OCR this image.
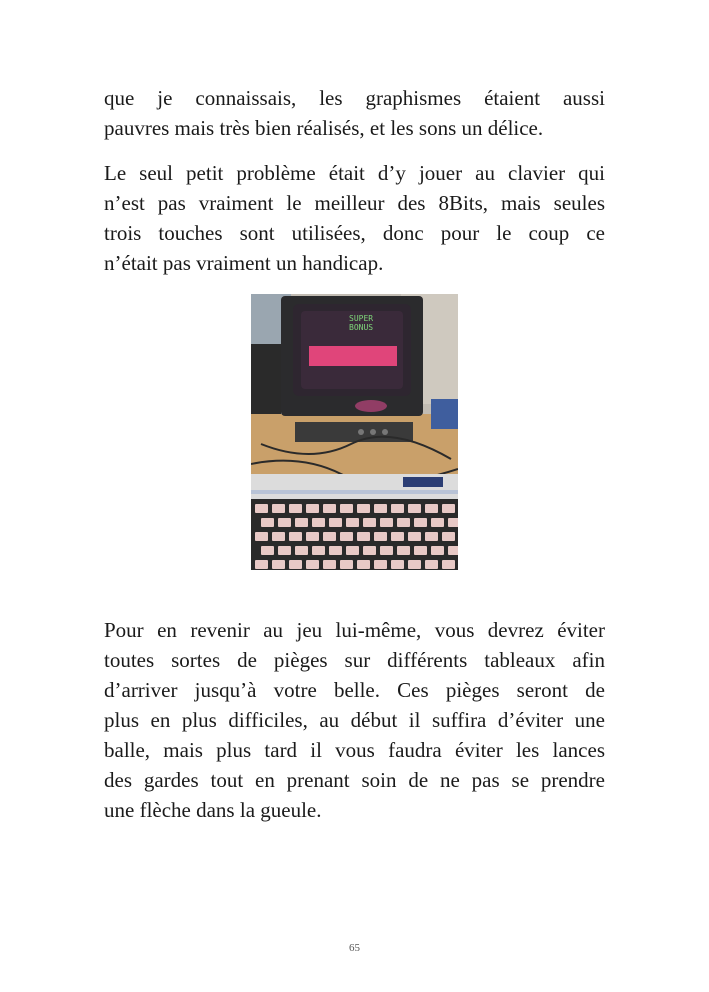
que je connaissais, les graphismes étaient aussi
pauvres mais très bien réalisés, et les sons un délice.

Le seul petit problème était d’y jouer au clavier qui
n’est pas vraiment le meilleur des 8Bits, mais seules
trois touches sont utilisées, donc pour le coup ce
n’était pas vraiment un handicap.

SUPER
BONUS

Pour en revenir au jeu lui-même, vous devrez éviter
toutes sortes de pièges sur différents tableaux afin
d’arriver jusqu’à votre belle. Ces pièges seront de
plus en plus difficiles, au début il suffira d’éviter une
balle, mais plus tard il vous faudra éviter les lances
des gardes tout en prenant soin de ne pas se prendre
une flèche dans la gueule.

65
